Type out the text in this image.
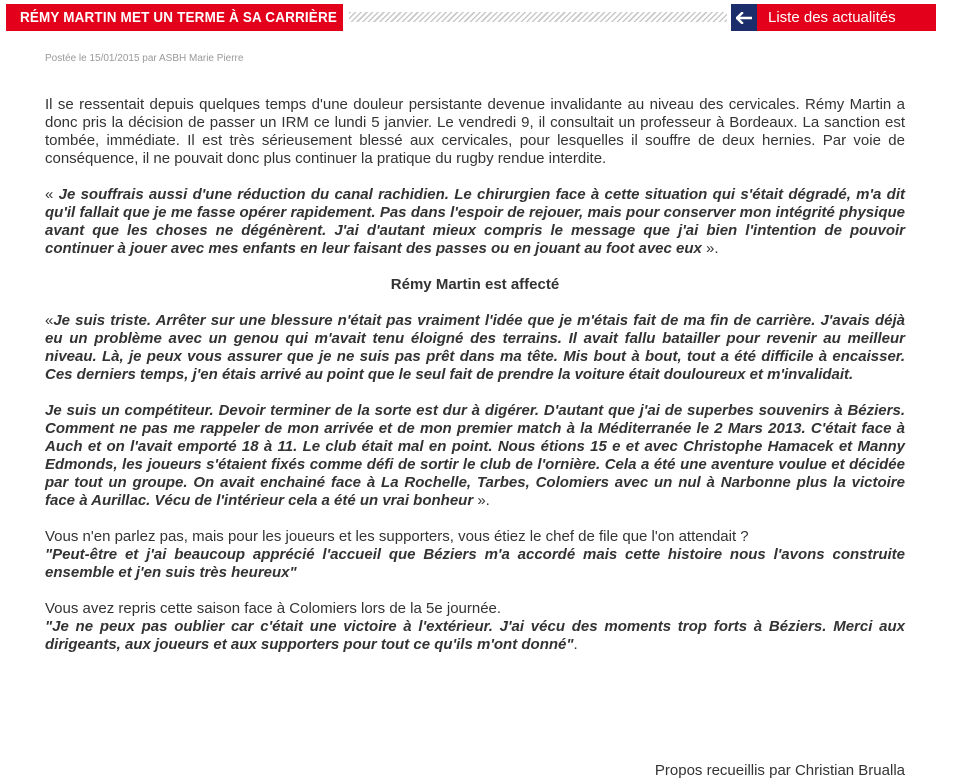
RÉMY MARTIN MET UN TERME À SA CARRIÈRE	Liste des actualités
Postée le 15/01/2015 par ASBH Marie Pierre

Il se ressentait depuis quelques temps d'une douleur persistante devenue invalidante au niveau des cervicales. Rémy Martin a donc pris la décision de passer un IRM ce lundi 5 janvier. Le vendredi 9, il consultait un professeur à Bordeaux. La sanction est tombée, immédiate. Il est très sérieusement blessé aux cervicales, pour lesquelles il souffre de deux hernies. Par voie de conséquence, il ne pouvait donc plus continuer la pratique du rugby rendue interdite.

« Je souffrais aussi d'une réduction du canal rachidien. Le chirurgien face à cette situation qui s'était dégradé, m'a dit qu'il fallait que je me fasse opérer rapidement. Pas dans l'espoir de rejouer, mais pour conserver mon intégrité physique avant que les choses ne dégénèrent. J'ai d'autant mieux compris le message que j'ai bien l'intention de pouvoir continuer à jouer avec mes enfants en leur faisant des passes ou en jouant au foot avec eux ».

Rémy Martin est affecté

«Je suis triste. Arrêter sur une blessure n'était pas vraiment l'idée que je m'étais fait de ma fin de carrière. J'avais déjà eu un problème avec un genou qui m'avait tenu éloigné des terrains. Il avait fallu batailler pour revenir au meilleur niveau. Là, je peux vous assurer que je ne suis pas prêt dans ma tête. Mis bout à bout, tout a été difficile à encaisser. Ces derniers temps, j'en étais arrivé au point que le seul fait de prendre la voiture était douloureux et m'invalidait.

Je suis un compétiteur. Devoir terminer de la sorte est dur à digérer. D'autant que j'ai de superbes souvenirs à Béziers. Comment ne pas me rappeler de mon arrivée et de mon premier match à la Méditerranée le 2 Mars 2013. C'était face à Auch et on l'avait emporté 18 à 11. Le club était mal en point. Nous étions 15 e et avec Christophe Hamacek et Manny Edmonds, les joueurs s'étaient fixés comme défi de sortir le club de l'ornière. Cela a été une aventure voulue et décidée par tout un groupe. On avait enchainé face à La Rochelle, Tarbes, Colomiers avec un nul à Narbonne plus la victoire face à Aurillac. Vécu de l'intérieur cela a été un vrai bonheur ».

Vous n'en parlez pas, mais pour les joueurs et les supporters, vous étiez le chef de file que l'on attendait ?
"Peut-être et j'ai beaucoup apprécié l'accueil que Béziers m'a accordé mais cette histoire nous l'avons construite ensemble et j'en suis très heureux"

Vous avez repris cette saison face à Colomiers lors de la 5e journée.
"Je ne peux pas oublier car c'était une victoire à l'extérieur. J'ai vécu des moments trop forts à Béziers. Merci aux dirigeants, aux joueurs et aux supporters pour tout ce qu'ils m'ont donné".

Propos recueillis par Christian Brualla
